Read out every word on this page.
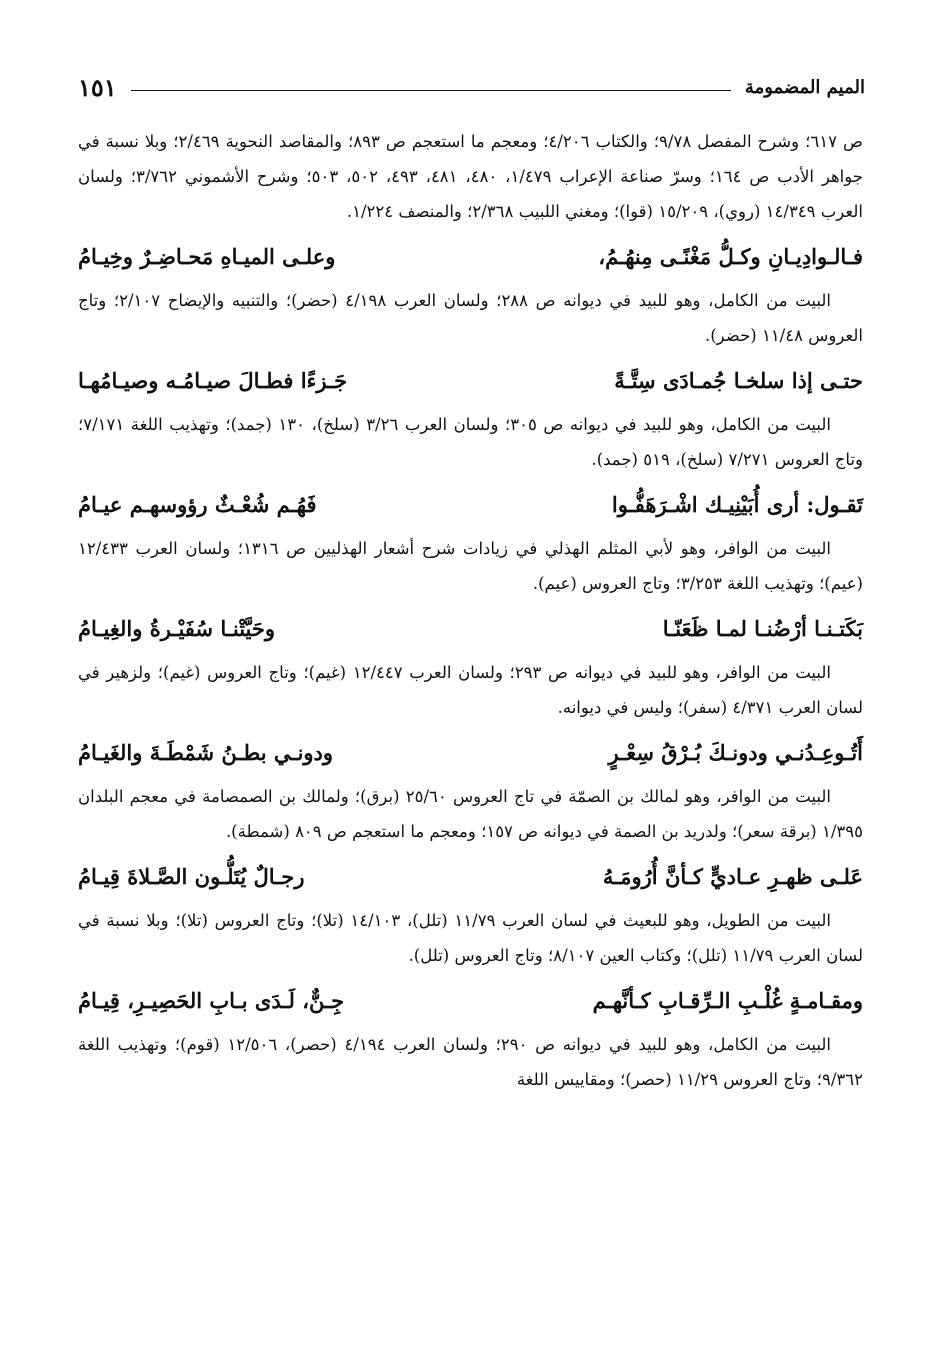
الميم المضمومة
١٥١

ص ٦١٧؛ وشرح المفصل ٩/٧٨؛ والكتاب ٤/٢٠٦؛ ومعجم ما استعجم ص ٨٩٣؛ والمقاصد النحوية ٢/٤٦٩؛ وبلا نسبة في جواهر الأدب ص ١٦٤؛ وسرّ صناعة الإعراب ١/٤٧٩، ٤٨٠، ٤٨١، ٤٩٣، ٥٠٢، ٥٠٣؛ وشرح الأشموني ٣/٧٦٢؛ ولسان العرب ١٤/٣٤٩ (روي)، ١٥/٢٠٩ (قوا)؛ ومغني اللبيب ٢/٣٦٨؛ والمنصف ١/٢٢٤.

فـالـوادِيـانِ وكـلُّ مَغْنًـى مِنهُـمُ،
وعلـى الميـاهِ مَحـاضِـرٌ وخِيـامُ

البيت من الكامل، وهو للبيد في ديوانه ص ٢٨٨؛ ولسان العرب ٤/١٩٨ (حضر)؛ والتنبيه والإيضاح ٢/١٠٧؛ وتاج العروس ١١/٤٨ (حضر).

حتـى إذا سلخـا جُمـادَى سِتَّـةً
جَـزءًا فطـالَ صيـامُـه وصيـامُهـا

البيت من الكامل، وهو للبيد في ديوانه ص ٣٠٥؛ ولسان العرب ٣/٢٦ (سلخ)، ١٣٠ (جمد)؛ وتهذيب اللغة ٧/١٧١؛ وتاج العروس ٧/٢٧١ (سلخ)، ٥١٩ (جمد).

تَقـول: أرى أُبَيْنِيـك اشْـرَهَفُّـوا
فَهُـم شُعْـثٌ رؤوسهـم عيـامُ

البيت من الوافر، وهو لأبي المثلم الهذلي في زيادات شرح أشعار الهذليين ص ١٣١٦؛ ولسان العرب ١٢/٤٣٣ (عيم)؛ وتهذيب اللغة ٣/٢٥٣؛ وتاج العروس (عيم).

بَكَتـنـا أرْضُنـا لمـا ظَعَنّـا
وحَيَّتْنـا سُفَيْـرةُ والغِيـامُ

البيت من الوافر، وهو للبيد في ديوانه ص ٢٩٣؛ ولسان العرب ١٢/٤٤٧ (غيم)؛ وتاج العروس (غيم)؛ ولزهير في لسان العرب ٤/٣٧١ (سفر)؛ وليس في ديوانه.

أَتُـوعِـدُنـي ودونـكَ بُـرْقُ سِعْـرٍ
ودونـي بطـنُ شَمْطَـةَ والغَيـامُ

البيت من الوافر، وهو لمالك بن الصمّة في تاج العروس ٢٥/٦٠ (برق)؛ ولمالك بن الصمصامة في معجم البلدان ١/٣٩٥ (برقة سعر)؛ ولدريد بن الصمة في ديوانه ص ١٥٧؛ ومعجم ما استعجم ص ٨٠٩ (شمطة).

عَلـى ظهـرِ عـاديٍّ كـأنَّ أُرُومَـهُ
رجـالٌ يُتَلُّـون الصَّـلاةَ قِيـامُ

البيت من الطويل، وهو للبعيث في لسان العرب ١١/٧٩ (تلل)، ١٤/١٠٣ (تلا)؛ وتاج العروس (تلا)؛ وبلا نسبة في لسان العرب ١١/٧٩ (تلل)؛ وكتاب العين ٨/١٠٧؛ وتاج العروس (تلل).

ومقـامـةٍ غُلْـبِ الـرِّقـابِ كـأنَّهـم
جِـنٌّ، لَـدَى بـابِ الحَصِيـرِ، قِيـامُ

البيت من الكامل، وهو للبيد في ديوانه ص ٢٩٠؛ ولسان العرب ٤/١٩٤ (حصر)، ١٢/٥٠٦ (قوم)؛ وتهذيب اللغة ٩/٣٦٢؛ وتاج العروس ١١/٢٩ (حصر)؛ ومقاييس اللغة
